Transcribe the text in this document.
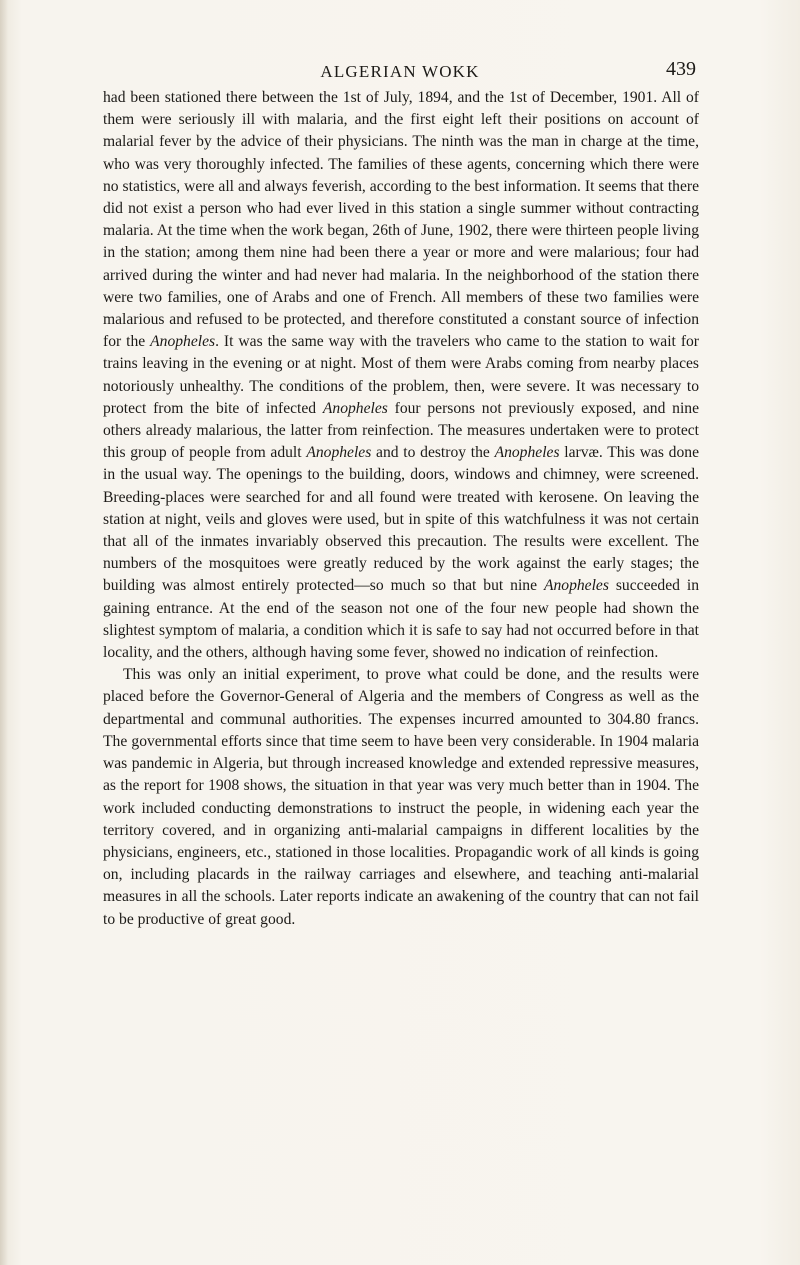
ALGERIAN WOKK	439

had been stationed there between the 1st of July, 1894, and the 1st of December, 1901. All of them were seriously ill with malaria, and the first eight left their positions on account of malarial fever by the advice of their physicians. The ninth was the man in charge at the time, who was very thoroughly infected. The families of these agents, concerning which there were no statistics, were all and always feverish, according to the best information. It seems that there did not exist a person who had ever lived in this station a single summer without contracting malaria. At the time when the work began, 26th of June, 1902, there were thirteen people living in the station; among them nine had been there a year or more and were malarious; four had arrived during the winter and had never had malaria. In the neighborhood of the station there were two families, one of Arabs and one of French. All members of these two families were malarious and refused to be protected, and therefore constituted a constant source of infection for the Anopheles. It was the same way with the travelers who came to the station to wait for trains leaving in the evening or at night. Most of them were Arabs coming from nearby places notoriously unhealthy. The conditions of the problem, then, were severe. It was necessary to protect from the bite of infected Anopheles four persons not previously exposed, and nine others already malarious, the latter from reinfection. The measures undertaken were to protect this group of people from adult Anopheles and to destroy the Anopheles larvæ. This was done in the usual way. The openings to the building, doors, windows and chimney, were screened. Breeding-places were searched for and all found were treated with kerosene. On leaving the station at night, veils and gloves were used, but in spite of this watchfulness it was not certain that all of the inmates invariably observed this precaution. The results were excellent. The numbers of the mosquitoes were greatly reduced by the work against the early stages; the building was almost entirely protected—so much so that but nine Anopheles succeeded in gaining entrance. At the end of the season not one of the four new people had shown the slightest symptom of malaria, a condition which it is safe to say had not occurred before in that locality, and the others, although having some fever, showed no indication of reinfection.

This was only an initial experiment, to prove what could be done, and the results were placed before the Governor-General of Algeria and the members of Congress as well as the departmental and communal authorities. The expenses incurred amounted to 304.80 francs. The governmental efforts since that time seem to have been very considerable. In 1904 malaria was pandemic in Algeria, but through increased knowledge and extended repressive measures, as the report for 1908 shows, the situation in that year was very much better than in 1904. The work included conducting demonstrations to instruct the people, in widening each year the territory covered, and in organizing anti-malarial campaigns in different localities by the physicians, engineers, etc., stationed in those localities. Propagandic work of all kinds is going on, including placards in the railway carriages and elsewhere, and teaching anti-malarial measures in all the schools. Later reports indicate an awakening of the country that can not fail to be productive of great good.
